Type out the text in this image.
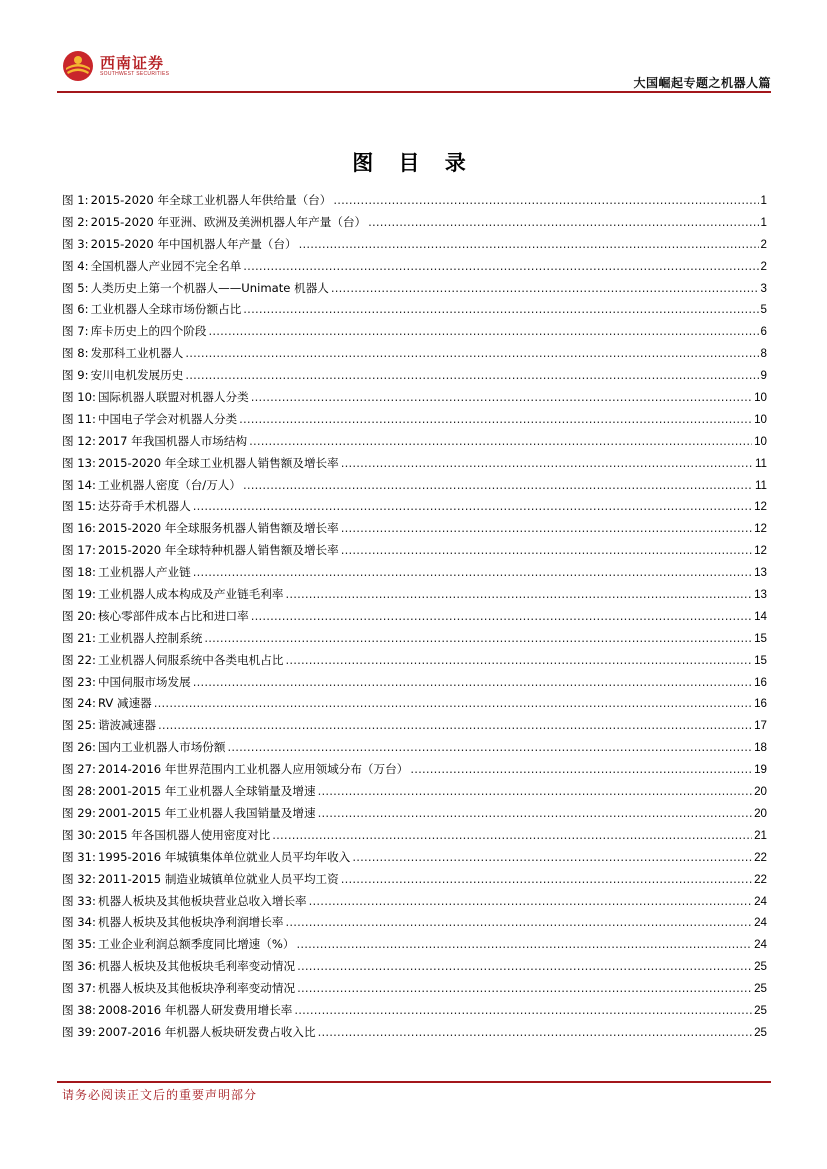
西南证券
SOUTHWEST SECURITIES
大国崛起专题之机器人篇
图 目 录
图 1: 2015-2020 年全球工业机器人年供给量（台） .....	1
图 2: 2015-2020 年亚洲、欧洲及美洲机器人年产量（台） .....	1
图 3: 2015-2020 年中国机器人年产量（台） .....	2
图 4: 全国机器人产业园不完全名单 .....	2
图 5: 人类历史上第一个机器人——Unimate 机器人 .....	3
图 6: 工业机器人全球市场份额占比 .....	5
图 7: 库卡历史上的四个阶段 .....	6
图 8: 发那科工业机器人 .....	8
图 9: 安川电机发展历史 .....	9
图 10: 国际机器人联盟对机器人分类 .....	10
图 11: 中国电子学会对机器人分类 .....	10
图 12: 2017 年我国机器人市场结构 .....	10
图 13: 2015-2020 年全球工业机器人销售额及增长率 .....	11
图 14: 工业机器人密度（台/万人） .....	11
图 15: 达芬奇手术机器人 .....	12
图 16: 2015-2020 年全球服务机器人销售额及增长率 .....	12
图 17: 2015-2020 年全球特种机器人销售额及增长率 .....	12
图 18: 工业机器人产业链 .....	13
图 19: 工业机器人成本构成及产业链毛利率 .....	13
图 20: 核心零部件成本占比和进口率 .....	14
图 21: 工业机器人控制系统 .....	15
图 22: 工业机器人伺服系统中各类电机占比 .....	15
图 23: 中国伺服市场发展 .....	16
图 24: RV 减速器 .....	16
图 25: 谐波减速器 .....	17
图 26: 国内工业机器人市场份额 .....	18
图 27: 2014-2016 年世界范围内工业机器人应用领域分布（万台） .....	19
图 28: 2001-2015 年工业机器人全球销量及增速 .....	20
图 29: 2001-2015 年工业机器人我国销量及增速 .....	20
图 30: 2015 年各国机器人使用密度对比 .....	21
图 31: 1995-2016 年城镇集体单位就业人员平均年收入 .....	22
图 32: 2011-2015 制造业城镇单位就业人员平均工资 .....	22
图 33: 机器人板块及其他板块营业总收入增长率 .....	24
图 34: 机器人板块及其他板块净利润增长率 .....	24
图 35: 工业企业利润总额季度同比增速（%） .....	24
图 36: 机器人板块及其他板块毛利率变动情况 .....	25
图 37: 机器人板块及其他板块净利率变动情况 .....	25
图 38: 2008-2016 年机器人研发费用增长率 .....	25
图 39: 2007-2016 年机器人板块研发费占收入比 .....	25
请务必阅读正文后的重要声明部分
